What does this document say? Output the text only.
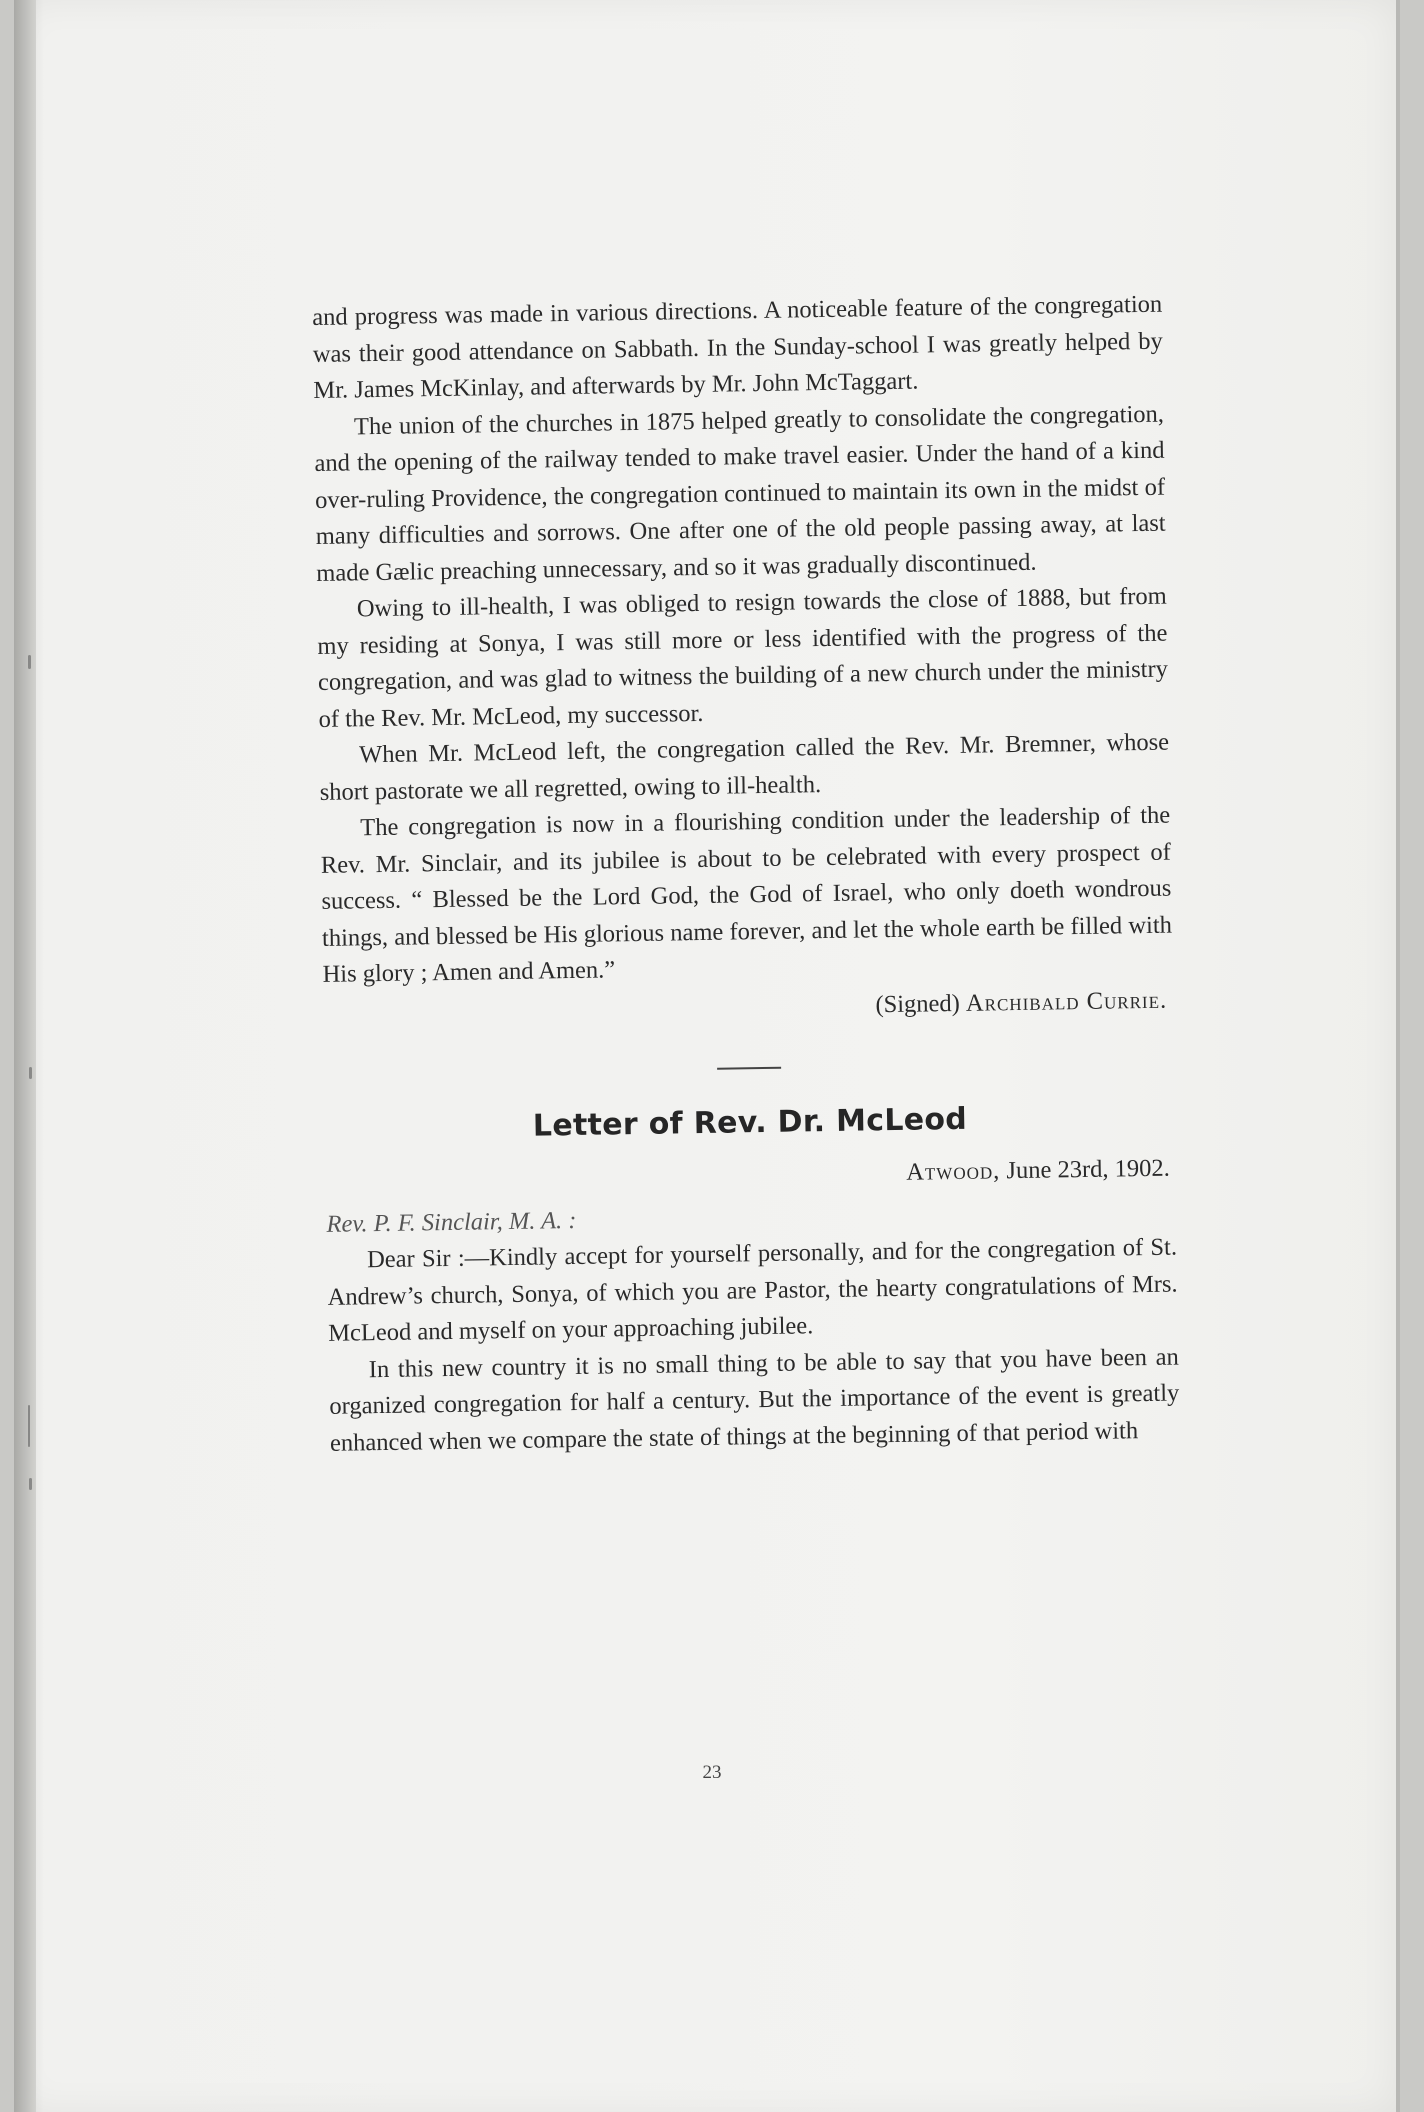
and progress was made in various directions. A noticeable feature of the congregation was their good attendance on Sabbath. In the Sunday-school I was greatly helped by Mr. James McKinlay, and afterwards by Mr. John McTaggart.

The union of the churches in 1875 helped greatly to consolidate the congregation, and the opening of the railway tended to make travel easier. Under the hand of a kind over-ruling Providence, the congregation continued to maintain its own in the midst of many difficulties and sorrows. One after one of the old people passing away, at last made Gælic preaching unnecessary, and so it was gradually discontinued.

Owing to ill-health, I was obliged to resign towards the close of 1888, but from my residing at Sonya, I was still more or less identified with the progress of the congregation, and was glad to witness the building of a new church under the ministry of the Rev. Mr. McLeod, my successor.

When Mr. McLeod left, the congregation called the Rev. Mr. Bremner, whose short pastorate we all regretted, owing to ill-health.

The congregation is now in a flourishing condition under the leadership of the Rev. Mr. Sinclair, and its jubilee is about to be celebrated with every prospect of success. “ Blessed be the Lord God, the God of Israel, who only doeth wondrous things, and blessed be His glorious name forever, and let the whole earth be filled with His glory ; Amen and Amen.”

(Signed) Archibald Currie.
Letter of Rev. Dr. McLeod
Atwood, June 23rd, 1902.

Rev. P. F. Sinclair, M. A. :

Dear Sir :—Kindly accept for yourself personally, and for the congregation of St. Andrew’s church, Sonya, of which you are Pastor, the hearty congratulations of Mrs. McLeod and myself on your approaching jubilee.

In this new country it is no small thing to be able to say that you have been an organized congregation for half a century. But the importance of the event is greatly enhanced when we compare the state of things at the beginning of that period with

23
